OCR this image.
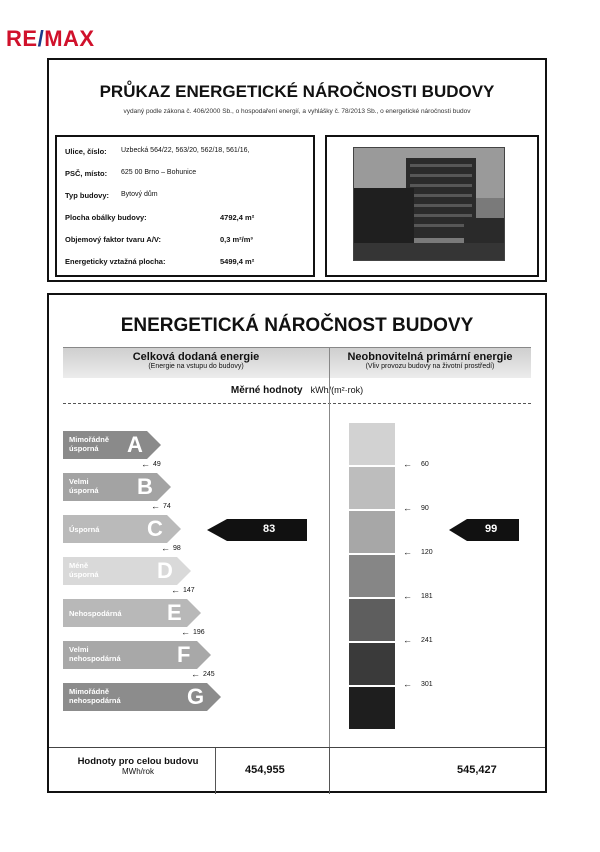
RE/MAX
PRŮKAZ ENERGETICKÉ NÁROČNOSTI BUDOVY
vydaný podle zákona č. 406/2000 Sb., o hospodaření energií, a vyhlášky č. 78/2013 Sb., o energetické náročnosti budov
Ulice, číslo: Uzbecká 564/22, 563/20, 562/18, 561/16,
PSČ, místo: 625 00 Brno – Bohunice
Typ budovy: Bytový dům
Plocha obálky budovy:	4792,4 m²
Objemový faktor tvaru A/V:	0,3 m²/m³
Energeticky vztažná plocha:	5499,4 m²
ENERGETICKÁ NÁROČNOST BUDOVY
Celková dodaná energie
(Energie na vstupu do budovy)
Neobnovitelná primární energie
(Vliv provozu budovy na životní prostředí)
Měrné hodnoty kWh/(m²·rok)
Mimořádně
úsporná	A
← 49
Velmi
úsporná B
← 74
Úsporná C
← 98
Méně
úsporná	D
← 147
Nehospodárná E
← 196
Velmi
nehospodárná	F
← 245
Mimořádně
nehospodárná	G
83	99
← 60
← 90
← 120
← 181
← 241
← 301
Hodnoty pro celou budovu
MWh/rok	454,955	545,427
